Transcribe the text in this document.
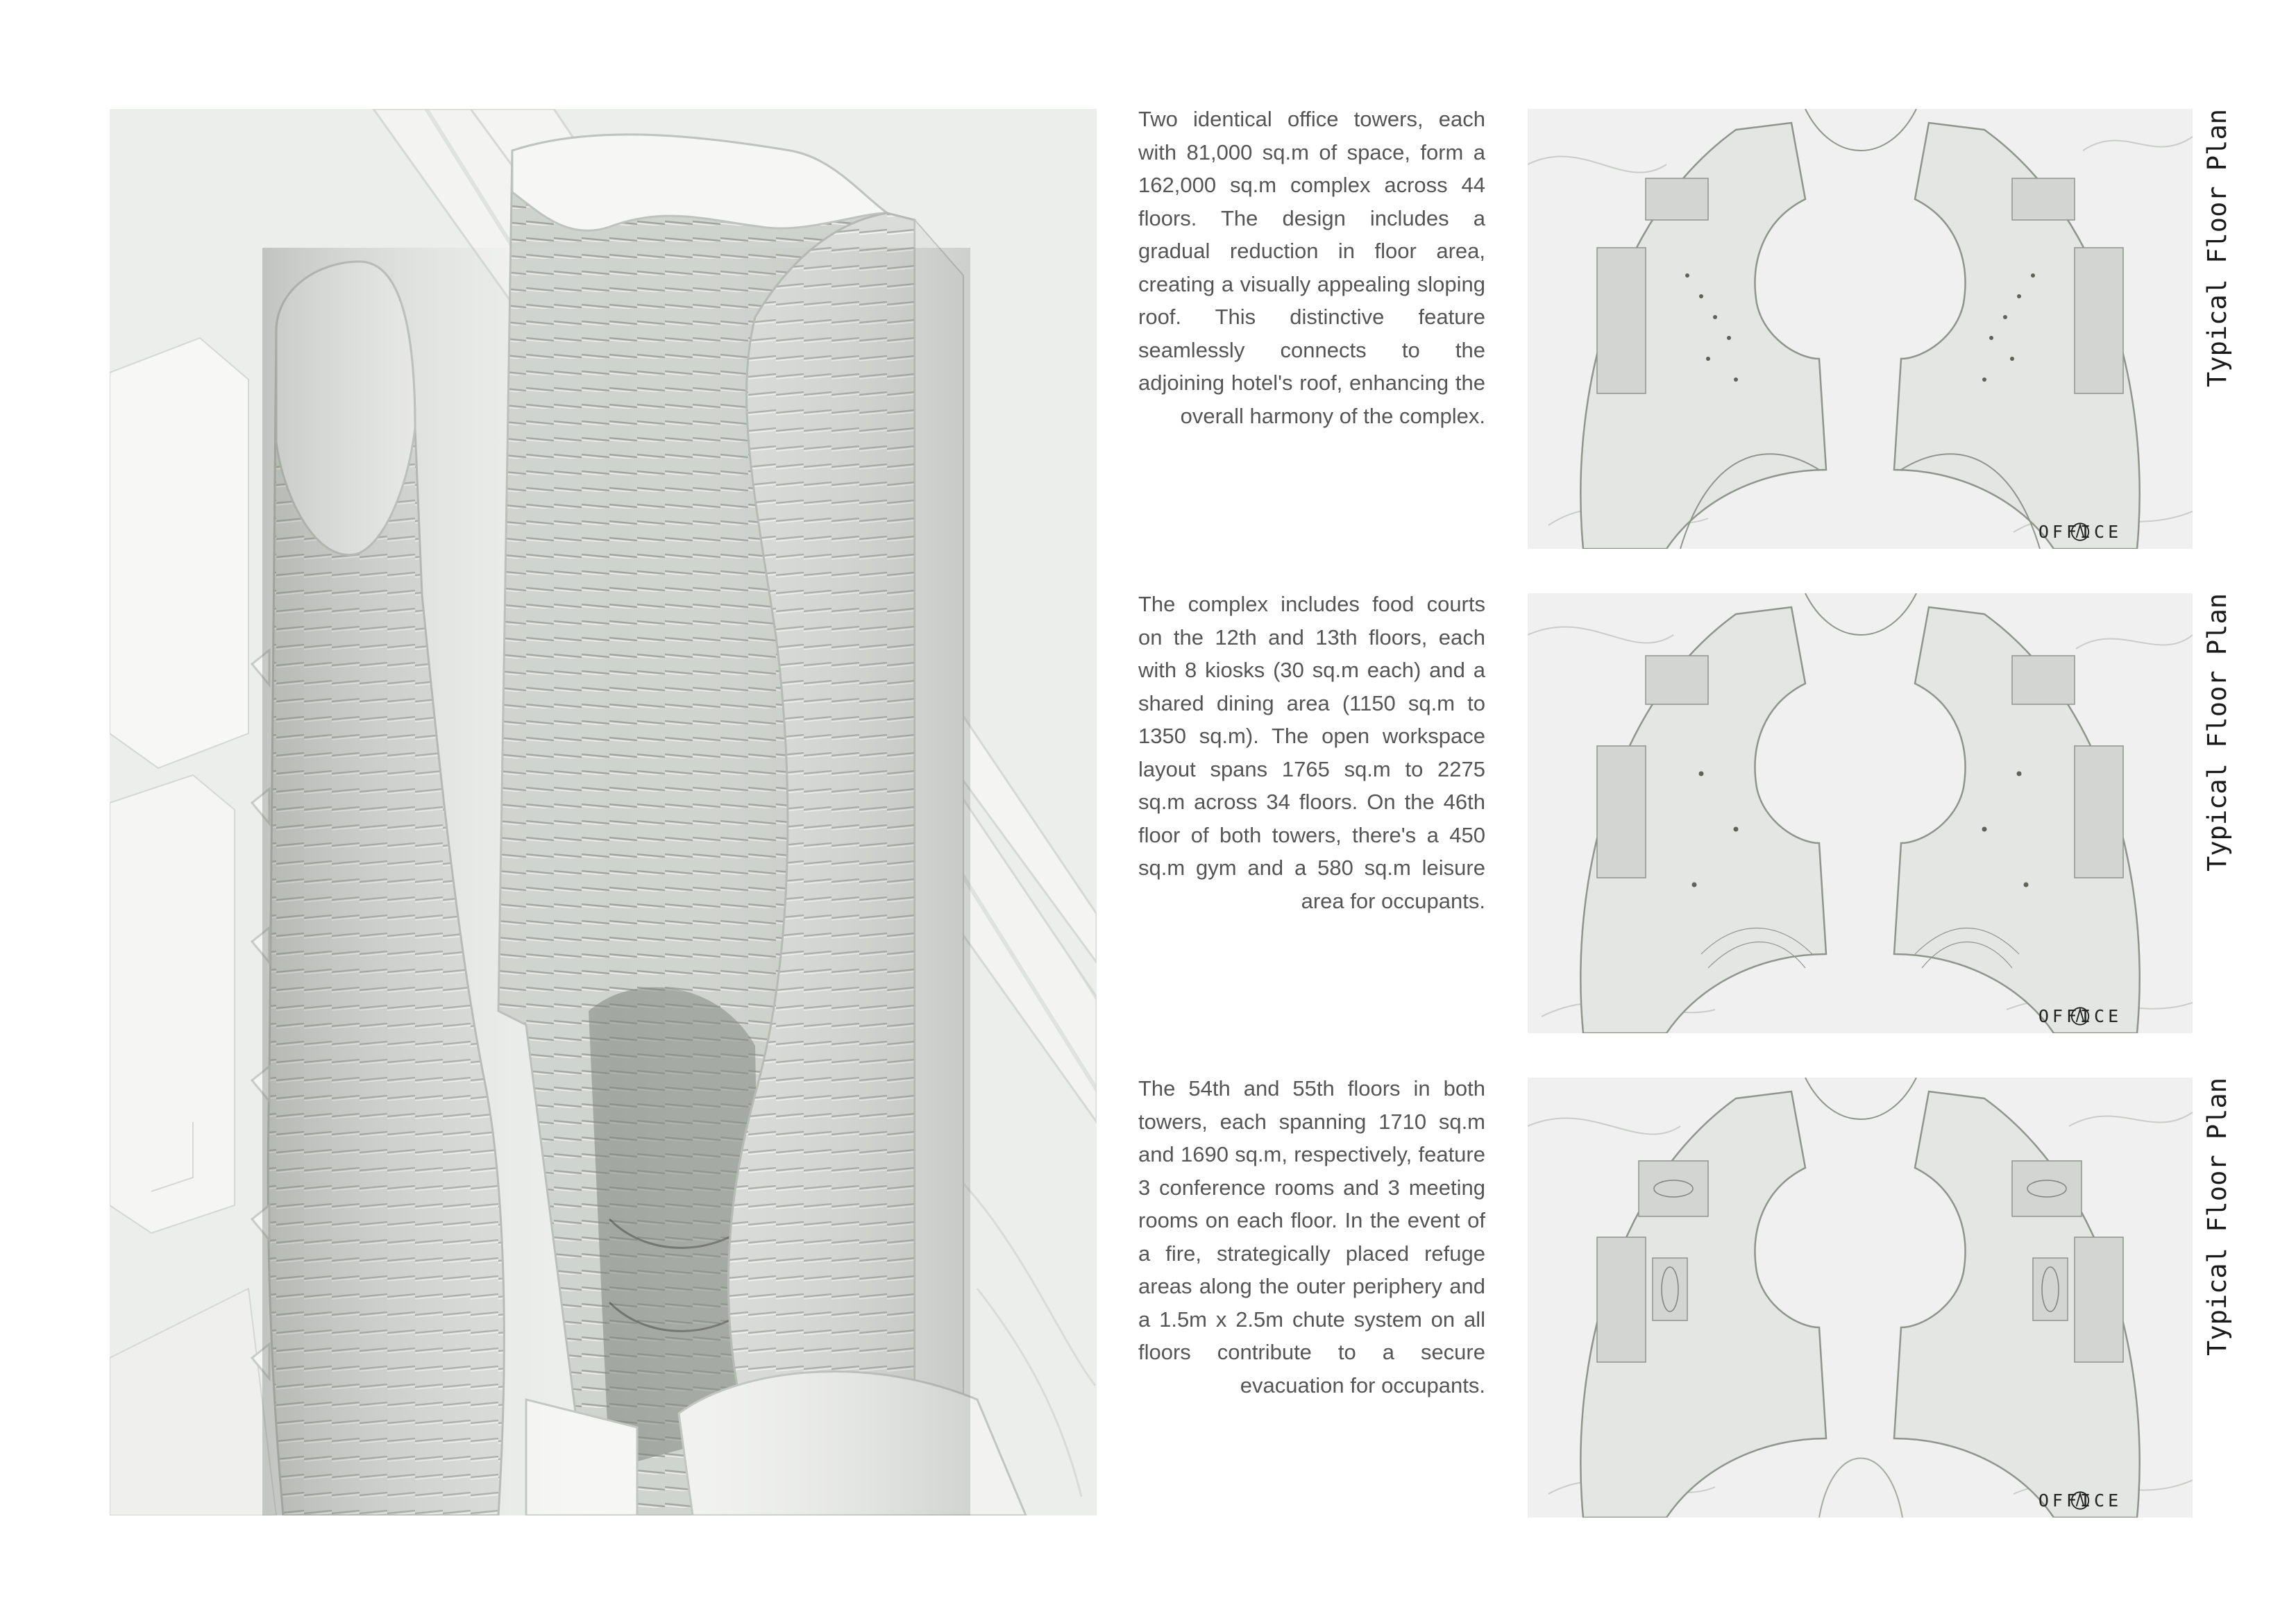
Two identical office towers, each with 81,000 sq.m of space, form a 162,000 sq.m complex across 44 floors. The design includes a gradual reduction in floor area, creating a visually appealing sloping roof. This distinctive feature seamlessly connects to the adjoining hotel's roof, enhancing the overall harmony of the complex.

The complex includes food courts on the 12th and 13th floors, each with 8 kiosks (30 sq.m each) and a shared dining area (1150 sq.m to 1350 sq.m). The open workspace layout spans 1765 sq.m to 2275 sq.m across 34 floors. On the 46th floor of both towers, there's a 450 sq.m gym and a 580 sq.m leisure area for occupants.

The 54th and 55th floors in both towers, each spanning 1710 sq.m and 1690 sq.m, respectively, feature 3 conference rooms and 3 meeting rooms on each floor. In the event of a fire, strategically placed refuge areas along the outer periphery and a 1.5m x 2.5m chute system on all floors contribute to a secure evacuation for occupants.

OFFICE
Typical Floor Plan
OFFICE
Typical Floor Plan
OFFICE
Typical Floor Plan
